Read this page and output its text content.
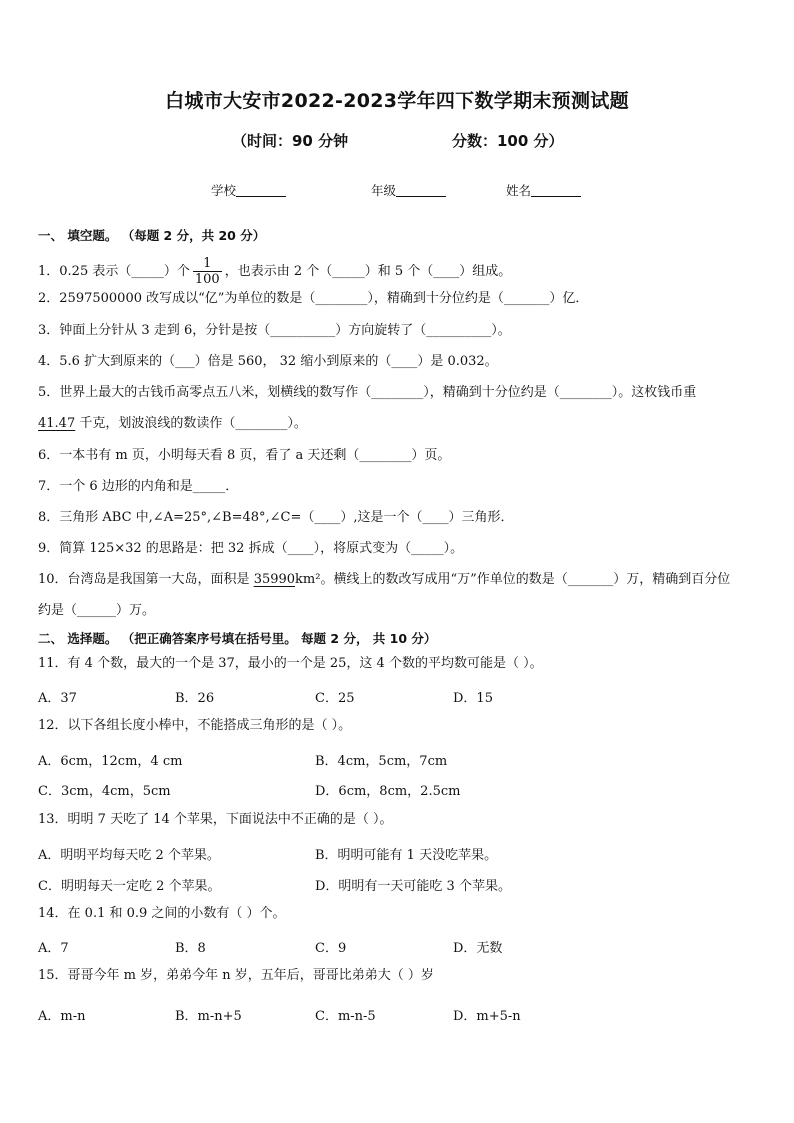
白城市大安市2022-2023学年四下数学期末预测试题
（时间：90 分钟	分数：100 分）
学校	年级	姓名
一、 填空题。 （每题 2 分，共 20 分）
1．0.25 表示（_____）个 $\frac{1}{100}$ ，也表示由 2 个（_____）和 5 个（____）组成。
2．2597500000 改写成以“亿”为单位的数是（________），精确到十分位约是（_______）亿．
3．钟面上分针从 3 走到 6，分针是按（__________）方向旋转了（__________）。
4．5.6 扩大到原来的（___）倍是 560， 32 缩小到原来的（____）是 0.032。
5．世界上最大的古钱币高零点五八米，划横线的数写作（________），精确到十分位约是（________）。这枚钱币重
41.47 千克，划波浪线的数读作（________）。
6．一本书有 m 页，小明每天看 8 页，看了 a 天还剩（________）页。
7．一个 6 边形的内角和是_____．
8．三角形 ABC 中,∠A=25°,∠B=48°,∠C=（____）,这是一个（____）三角形．
9．简算 125×32 的思路是：把 32 拆成（____），将原式变为（_____）。
10．台湾岛是我国第一大岛，面积是 35990km²。横线上的数改写成用“万”作单位的数是（_______）万，精确到百分位
约是（______）万。
二、 选择题。 （把正确答案序号填在括号里。 每题 2 分， 共 10 分）
11．有 4 个数，最大的一个是 37，最小的一个是 25，这 4 个数的平均数可能是（ ）。
A．37	B．26	C．25	D．15
12．以下各组长度小棒中，不能搭成三角形的是（ ）。
A．6cm，12cm，4 cm	B．4cm，5cm，7cm
C．3cm，4cm，5cm	D．6cm，8cm，2.5cm
13．明明 7 天吃了 14 个苹果，下面说法中不正确的是（ ）。
A．明明平均每天吃 2 个苹果。	B．明明可能有 1 天没吃苹果。
C．明明每天一定吃 2 个苹果。	D．明明有一天可能吃 3 个苹果。
14．在 0.1 和 0.9 之间的小数有（ ）个。
A．7	B．8	C．9	D．无数
15．哥哥今年 m 岁，弟弟今年 n 岁，五年后，哥哥比弟弟大（ ）岁
A．m-n	B．m-n+5	C．m-n-5	D．m+5-n
